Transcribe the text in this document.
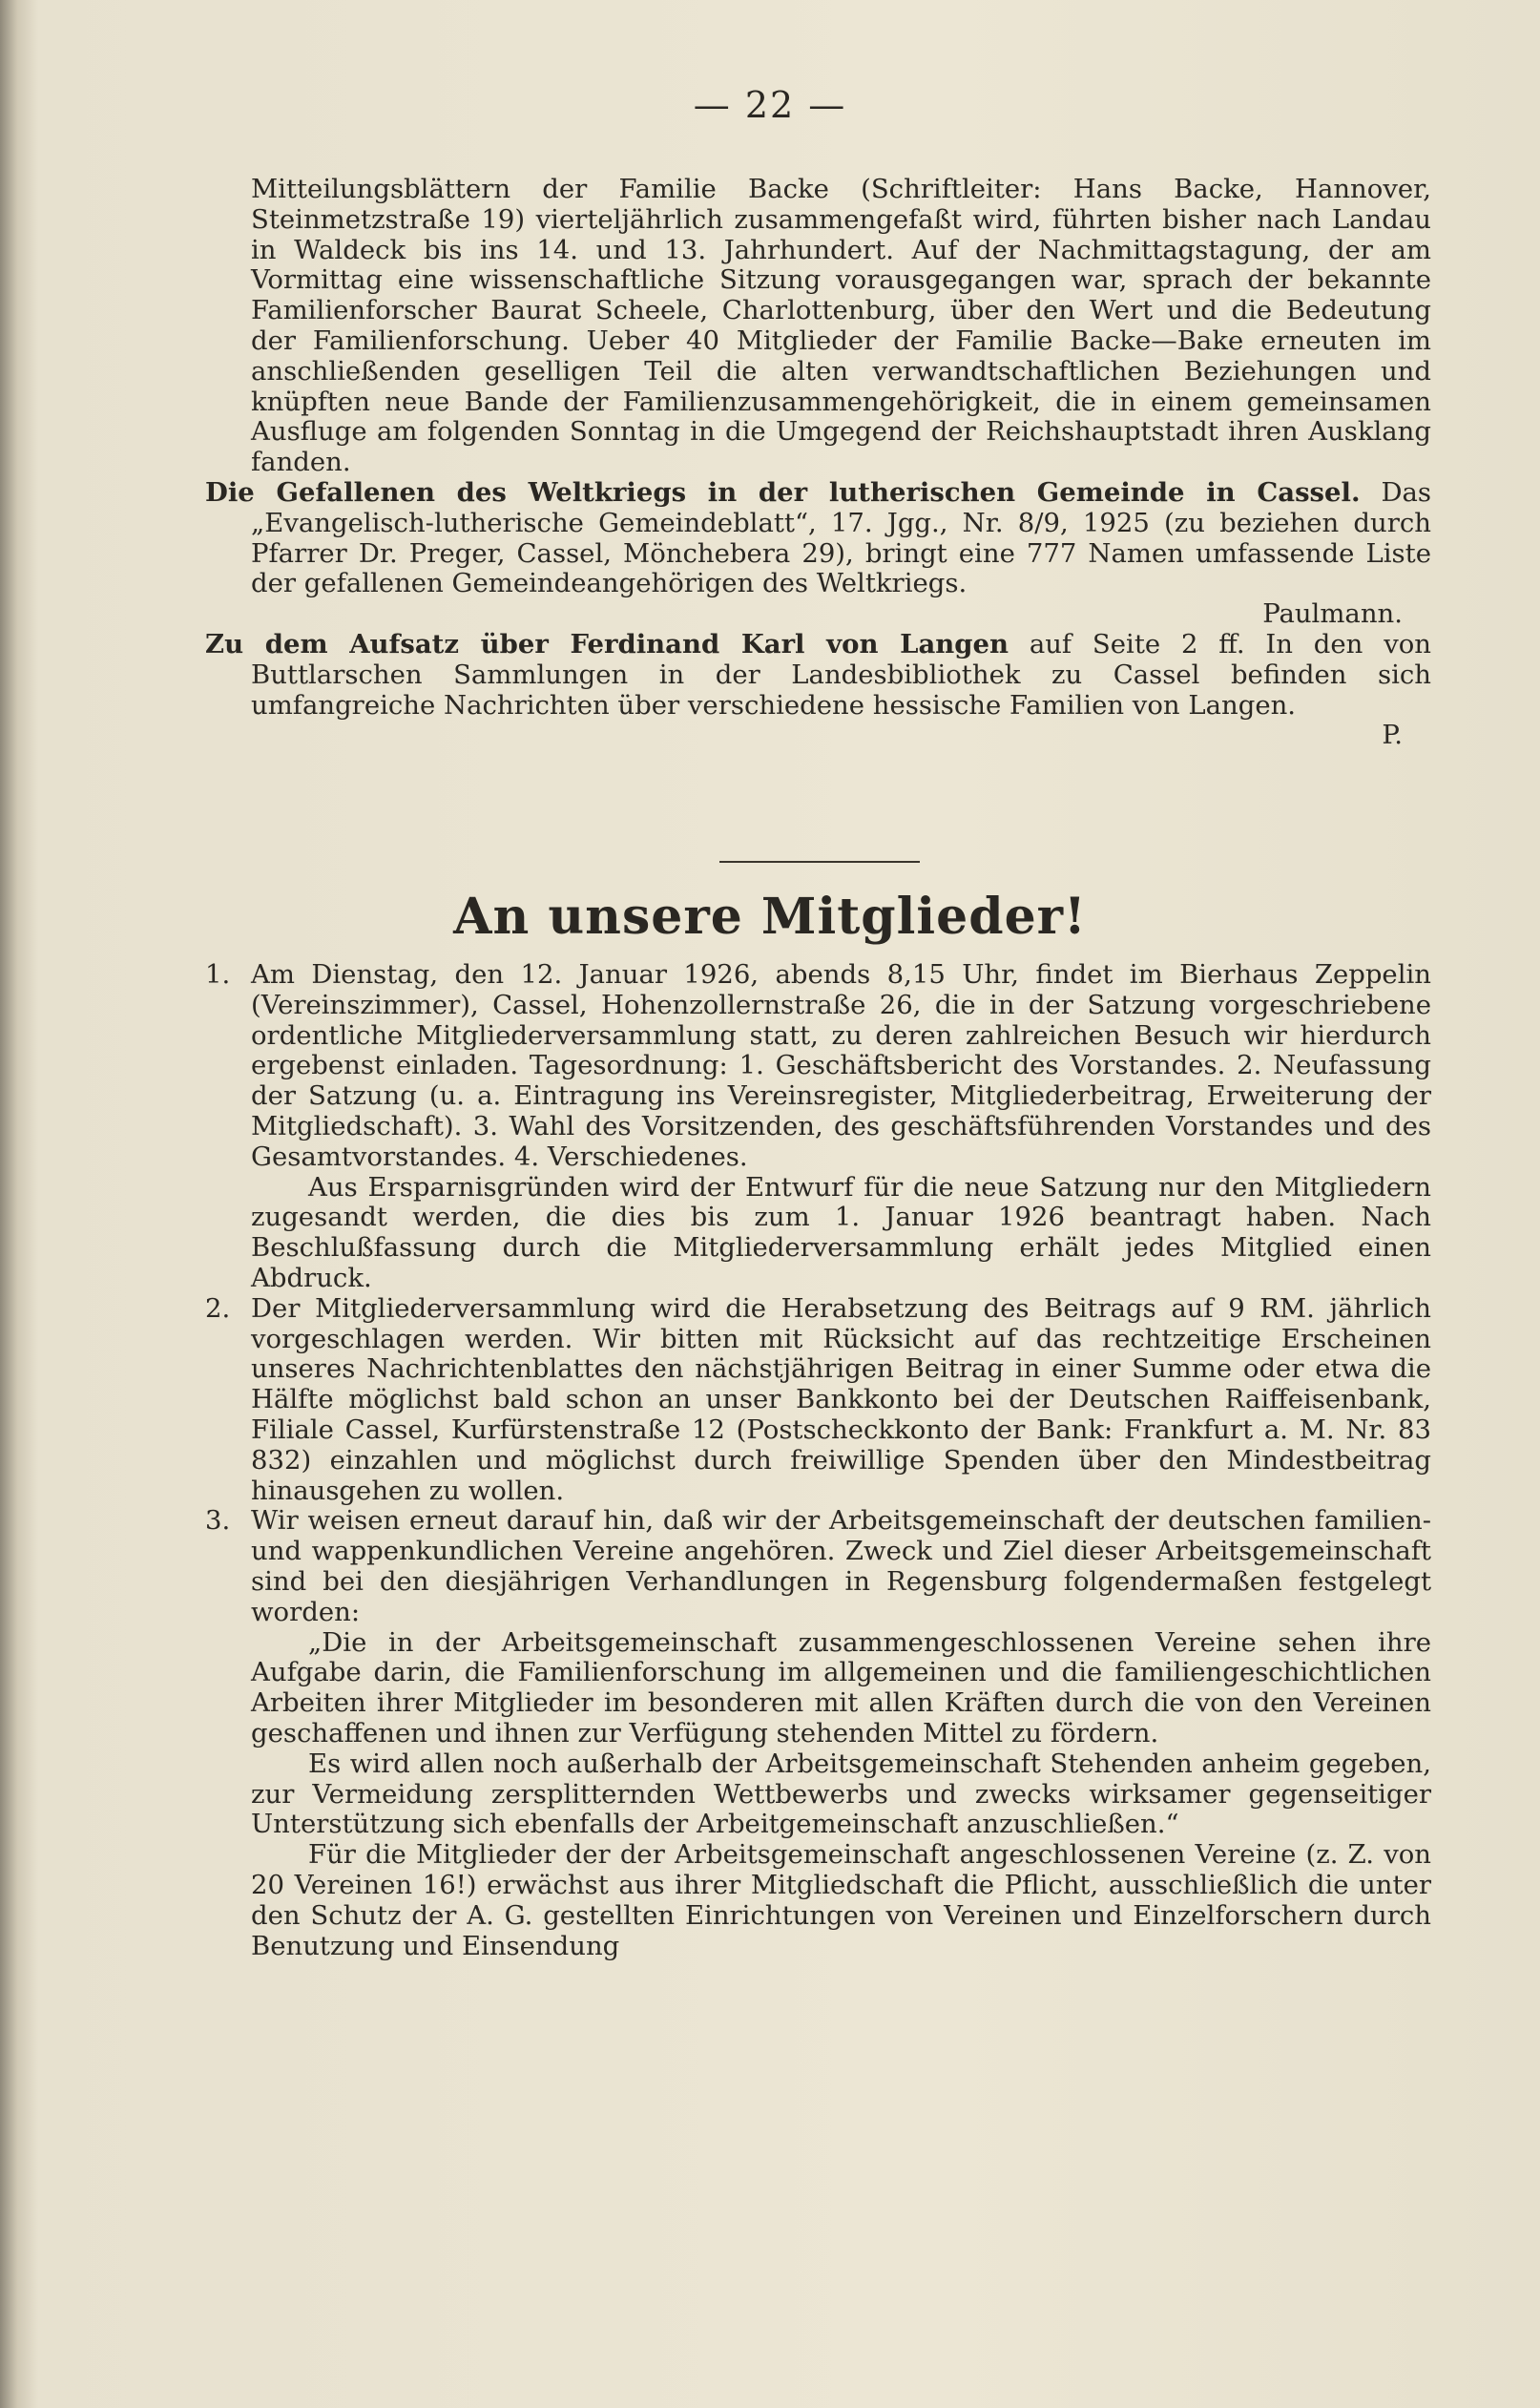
— 22 —

Mitteilungsblättern der Familie Backe (Schriftleiter: Hans Backe, Hannover, Steinmetzstraße 19) vierteljährlich zusammengefaßt wird, führten bisher nach Landau in Waldeck bis ins 14. und 13. Jahrhundert. Auf der Nachmittagstagung, der am Vormittag eine wissenschaftliche Sitzung vorausgegangen war, sprach der bekannte Familienforscher Baurat Scheele, Charlottenburg, über den Wert und die Bedeutung der Familienforschung. Ueber 40 Mitglieder der Familie Backe—Bake erneuten im anschließenden geselligen Teil die alten verwandtschaftlichen Beziehungen und knüpften neue Bande der Familienzusammengehörigkeit, die in einem gemeinsamen Ausfluge am folgenden Sonntag in die Umgegend der Reichshauptstadt ihren Ausklang fanden.

Die Gefallenen des Weltkriegs in der lutherischen Gemeinde in Cassel. Das „Evangelisch-lutherische Gemeindeblatt“, 17. Jgg., Nr. 8/9, 1925 (zu beziehen durch Pfarrer Dr. Preger, Cassel, Mönchebera 29), bringt eine 777 Namen umfassende Liste der gefallenen Gemeindeangehörigen des Weltkriegs.

Paulmann.

Zu dem Aufsatz über Ferdinand Karl von Langen auf Seite 2 ff. In den von Buttlarschen Sammlungen in der Landesbibliothek zu Cassel befinden sich umfangreiche Nachrichten über verschiedene hessische Familien von Langen.

P.

An unsere Mitglieder!
1. Am Dienstag, den 12. Januar 1926, abends 8,15 Uhr, findet im Bierhaus Zeppelin (Vereinszimmer), Cassel, Hohenzollernstraße 26, die in der Satzung vorgeschriebene ordentliche Mitgliederversammlung statt, zu deren zahlreichen Besuch wir hierdurch ergebenst einladen. Tagesordnung: 1. Geschäftsbericht des Vorstandes. 2. Neufassung der Satzung (u. a. Eintragung ins Vereinsregister, Mitgliederbeitrag, Erweiterung der Mitgliedschaft). 3. Wahl des Vorsitzenden, des geschäftsführenden Vorstandes und des Gesamtvorstandes. 4. Verschiedenes.

Aus Ersparnisgründen wird der Entwurf für die neue Satzung nur den Mitgliedern zugesandt werden, die dies bis zum 1. Januar 1926 beantragt haben. Nach Beschlußfassung durch die Mitgliederversammlung erhält jedes Mitglied einen Abdruck.

2. Der Mitgliederversammlung wird die Herabsetzung des Beitrags auf 9 RM. jährlich vorgeschlagen werden. Wir bitten mit Rücksicht auf das rechtzeitige Erscheinen unseres Nachrichtenblattes den nächstjährigen Beitrag in einer Summe oder etwa die Hälfte möglichst bald schon an unser Bankkonto bei der Deutschen Raiffeisenbank, Filiale Cassel, Kurfürstenstraße 12 (Postscheckkonto der Bank: Frankfurt a. M. Nr. 83 832) einzahlen und möglichst durch freiwillige Spenden über den Mindestbeitrag hinausgehen zu wollen.

3. Wir weisen erneut darauf hin, daß wir der Arbeitsgemeinschaft der deutschen familien- und wappenkundlichen Vereine angehören. Zweck und Ziel dieser Arbeitsgemeinschaft sind bei den diesjährigen Verhandlungen in Regensburg folgendermaßen festgelegt worden:

„Die in der Arbeitsgemeinschaft zusammengeschlossenen Vereine sehen ihre Aufgabe darin, die Familienforschung im allgemeinen und die familiengeschichtlichen Arbeiten ihrer Mitglieder im besonderen mit allen Kräften durch die von den Vereinen geschaffenen und ihnen zur Verfügung stehenden Mittel zu fördern.

Es wird allen noch außerhalb der Arbeitsgemeinschaft Stehenden anheim gegeben, zur Vermeidung zersplitternden Wettbewerbs und zwecks wirksamer gegenseitiger Unterstützung sich ebenfalls der Arbeitgemeinschaft anzuschließen.“

Für die Mitglieder der der Arbeitsgemeinschaft angeschlossenen Vereine (z. Z. von 20 Vereinen 16!) erwächst aus ihrer Mitgliedschaft die Pflicht, ausschließlich die unter den Schutz der A. G. gestellten Einrichtungen von Vereinen und Einzelforschern durch Benutzung und Einsendung
